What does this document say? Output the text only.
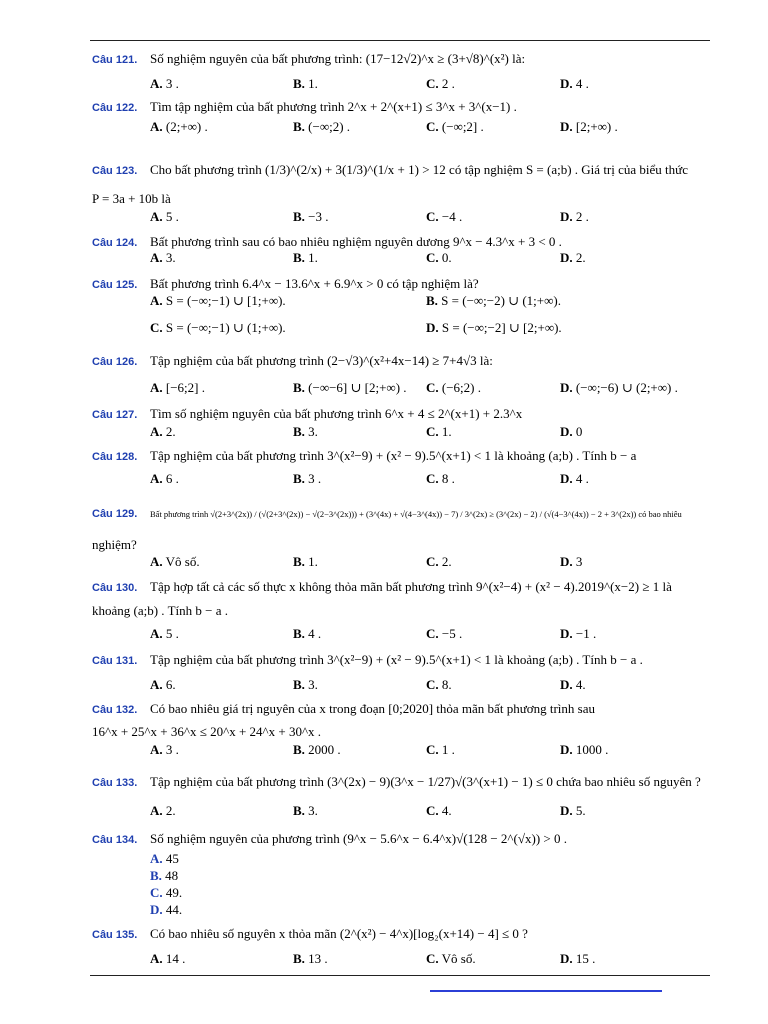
Câu 121. Số nghiệm nguyên của bất phương trình: (17−12√2)^x ≥ (3+√8)^(x²) là:
A. 3 .	B. 1.	C. 2 .	D. 4 .
Câu 122. Tìm tập nghiệm của bất phương trình 2^x + 2^(x+1) ≤ 3^x + 3^(x−1) .
A. (2;+∞) .	B. (−∞;2) .	C. (−∞;2] .	D. [2;+∞) .
Câu 123. Cho bất phương trình (1/3)^(2/x) + 3(1/3)^(1/x + 1) > 12 có tập nghiệm S = (a;b) . Giá trị của biểu thức
P = 3a + 10b là
A. 5 .	B. −3 .	C. −4 .	D. 2 .
Câu 124. Bất phương trình sau có bao nhiêu nghiệm nguyên dương 9^x − 4.3^x + 3 < 0 .
A. 3.	B. 1.	C. 0.	D. 2.
Câu 125. Bất phương trình 6.4^x − 13.6^x + 6.9^x > 0 có tập nghiệm là?
A. S = (−∞;−1) ∪ [1;+∞).	B. S = (−∞;−2) ∪ (1;+∞).
C. S = (−∞;−1) ∪ (1;+∞).	D. S = (−∞;−2] ∪ [2;+∞).
Câu 126. Tập nghiệm của bất phương trình (2−√3)^(x²+4x−14) ≥ 7+4√3 là:
A. [−6;2] .	B. (−∞−6] ∪ [2;+∞) . C. (−6;2) .	D. (−∞;−6) ∪ (2;+∞) .
Câu 127. Tìm số nghiệm nguyên của bất phương trình 6^x + 4 ≤ 2^(x+1) + 2.3^x
A. 2.	B. 3.	C. 1.	D. 0
Câu 128. Tập nghiệm của bất phương trình 3^(x²−9) + (x² − 9).5^(x+1) < 1 là khoảng (a;b) . Tính b − a
A. 6 .	B. 3 .	C. 8 .	D. 4 .
Câu 129.	Bất phương trình √(2+3^(2x)) / (√(2+3^(2x)) − √(2−3^(2x))) + (3^(4x) + √(4−3^(4x)) − 7) / 3^(2x) ≥ (3^(2x) − 2) / (√(4−3^(4x)) − 2 + 3^(2x)) có bao nhiêu
nghiệm?
A. Vô số.	B. 1.	C. 2.	D. 3
Câu 130. Tập hợp tất cả các số thực x không thỏa mãn bất phương trình 9^(x²−4) + (x² − 4).2019^(x−2) ≥ 1 là
khoảng (a;b) . Tính b − a .
A. 5 .	B. 4 .	C. −5 .	D. −1 .
Câu 131. Tập nghiệm của bất phương trình 3^(x²−9) + (x² − 9).5^(x+1) < 1 là khoảng (a;b) . Tính b − a .
A. 6.	B. 3.	C. 8.	D. 4.
Câu 132. Có bao nhiêu giá trị nguyên của x trong đoạn [0;2020] thỏa mãn bất phương trình sau
16^x + 25^x + 36^x ≤ 20^x + 24^x + 30^x .
A. 3 .	B. 2000 .	C. 1 .	D. 1000 .
Câu 133. Tập nghiệm của bất phương trình (3^(2x) − 9)(3^x − 1/27)√(3^(x+1) − 1) ≤ 0 chứa bao nhiêu số nguyên ?
A. 2.	B. 3.	C. 4.	D. 5.
Câu 134. Số nghiệm nguyên của phương trình (9^x − 5.6^x − 6.4^x)√(128 − 2^(√x)) > 0 .
A. 45
B. 48
C. 49.
D. 44.
Câu 135. Có bao nhiêu số nguyên x thỏa mãn (2^(x²) − 4^x)[log₂(x+14) − 4] ≤ 0 ?
A. 14 .	B. 13 .	C. Vô số.	D. 15 .
